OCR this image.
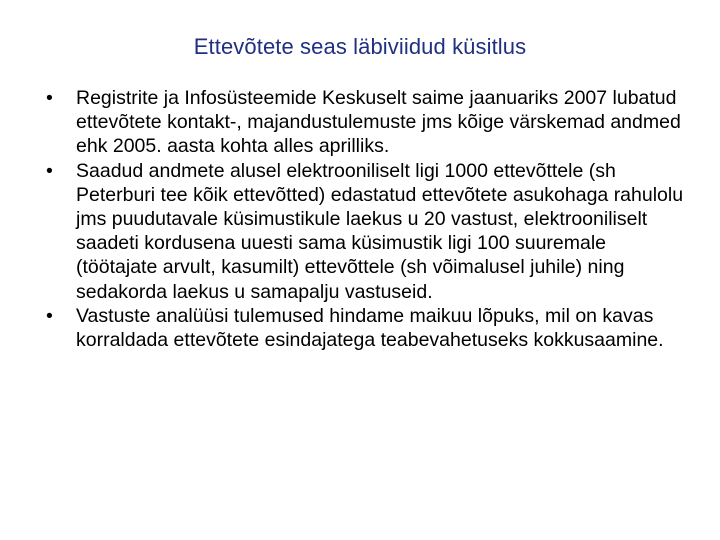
Ettevõtete seas läbiviidud küsitlus
•	Registrite ja Infosüsteemide Keskuselt saime jaanuariks 2007 lubatud ettevõtete kontakt-, majandustulemuste jms kõige värskemad andmed ehk 2005. aasta kohta alles aprilliks.
•	Saadud andmete alusel elektrooniliselt ligi 1000 ettevõttele (sh Peterburi tee kõik ettevõtted) edastatud ettevõtete asukohaga rahulolu jms puudutavale küsimustikule laekus u 20 vastust, elektrooniliselt saadeti kordusena uuesti sama küsimustik ligi 100 suuremale (töötajate arvult, kasumilt) ettevõttele (sh võimalusel juhile) ning sedakorda laekus u samapalju vastuseid.
•	Vastuste analüüsi tulemused hindame maikuu lõpuks, mil on kavas korraldada ettevõtete esindajatega teabevahetuseks kokkusaamine.
